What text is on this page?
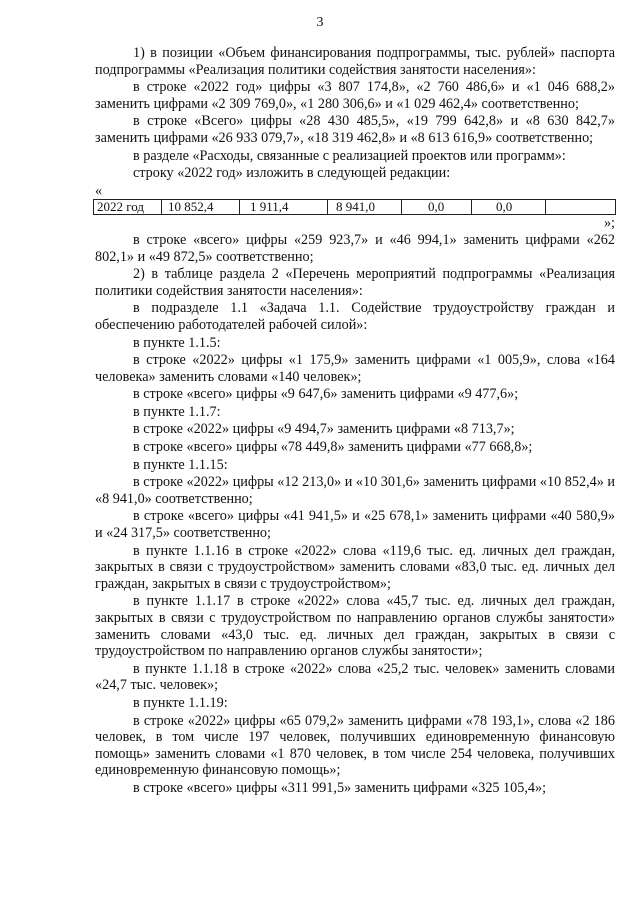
3

1) в позиции «Объем финансирования подпрограммы, тыс. рублей» паспорта подпрограммы «Реализация политики содействия занятости населения»:

в строке «2022 год» цифры «3 807 174,8», «2 760 486,6» и «1 046 688,2» заменить цифрами «2 309 769,0», «1 280 306,6» и «1 029 462,4» соответственно;

в строке «Всего» цифры «28 430 485,5», «19 799 642,8» и «8 630 842,7» заменить цифрами «26 933 079,7», «18 319 462,8» и «8 613 616,9» соответственно;

в разделе «Расходы, связанные с реализацией проектов или программ»:

строку «2022 год» изложить в следующей редакции:

«

2022 год	10 852,4	1 911,4	8 941,0	0,0	0,0	

»;

в строке «всего» цифры «259 923,7» и «46 994,1» заменить цифрами «262 802,1» и «49 872,5» соответственно;

2) в таблице раздела 2 «Перечень мероприятий подпрограммы «Реализация политики содействия занятости населения»:

в подразделе 1.1 «Задача 1.1. Содействие трудоустройству граждан и обеспечению работодателей рабочей силой»:

в пункте 1.1.5:

в строке «2022» цифры «1 175,9» заменить цифрами «1 005,9», слова «164 человека» заменить словами «140 человек»;

в строке «всего» цифры «9 647,6» заменить цифрами «9 477,6»;

в пункте 1.1.7:

в строке «2022» цифры «9 494,7» заменить цифрами «8 713,7»;

в строке «всего» цифры «78 449,8» заменить цифрами «77 668,8»;

в пункте 1.1.15:

в строке «2022» цифры «12 213,0» и «10 301,6» заменить цифрами «10 852,4» и «8 941,0» соответственно;

в строке «всего» цифры «41 941,5» и «25 678,1» заменить цифрами «40 580,9» и «24 317,5» соответственно;

в пункте 1.1.16 в строке «2022» слова «119,6 тыс. ед. личных дел граждан, закрытых в связи с трудоустройством» заменить словами «83,0 тыс. ед. личных дел граждан, закрытых в связи с трудоустройством»;

в пункте 1.1.17 в строке «2022» слова «45,7 тыс. ед. личных дел граждан, закрытых в связи с трудоустройством по направлению органов службы занятости» заменить словами «43,0 тыс. ед. личных дел граждан, закрытых в связи с трудоустройством по направлению органов службы занятости»;

в пункте 1.1.18 в строке «2022» слова «25,2 тыс. человек» заменить словами «24,7 тыс. человек»;

в пункте 1.1.19:

в строке «2022» цифры «65 079,2» заменить цифрами «78 193,1», слова «2 186 человек, в том числе 197 человек, получивших единовременную финансовую помощь» заменить словами «1 870 человек, в том числе 254 человека, получивших единовременную финансовую помощь»;

в строке «всего» цифры «311 991,5» заменить цифрами «325 105,4»;
